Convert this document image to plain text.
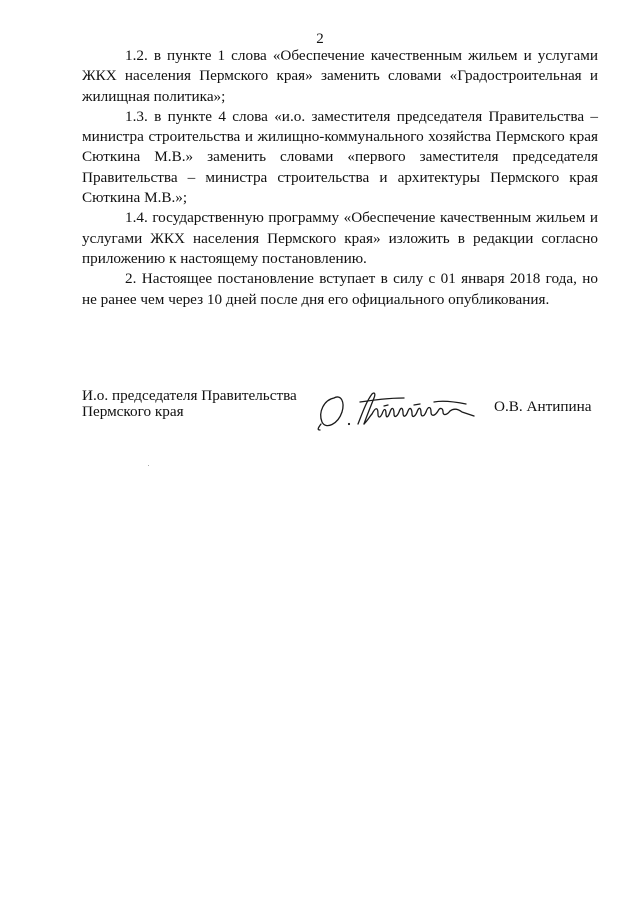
2

1.2. в пункте 1 слова «Обеспечение качественным жильем и услугами ЖКХ населения Пермского края» заменить словами «Градостроительная и жилищная политика»;

1.3. в пункте 4 слова «и.о. заместителя председателя Правительства – министра строительства и жилищно-коммунального хозяйства Пермского края Сюткина М.В.» заменить словами «первого заместителя председателя Правительства – министра строительства и архитектуры Пермского края Сюткина М.В.»;

1.4. государственную программу «Обеспечение качественным жильем и услугами ЖКХ населения Пермского края» изложить в редакции согласно приложению к настоящему постановлению.

2. Настоящее постановление вступает в силу с 01 января 2018 года, но не ранее чем через 10 дней после дня его официального опубликования.

И.о. председателя Правительства
Пермского края	О.В. Антипина
